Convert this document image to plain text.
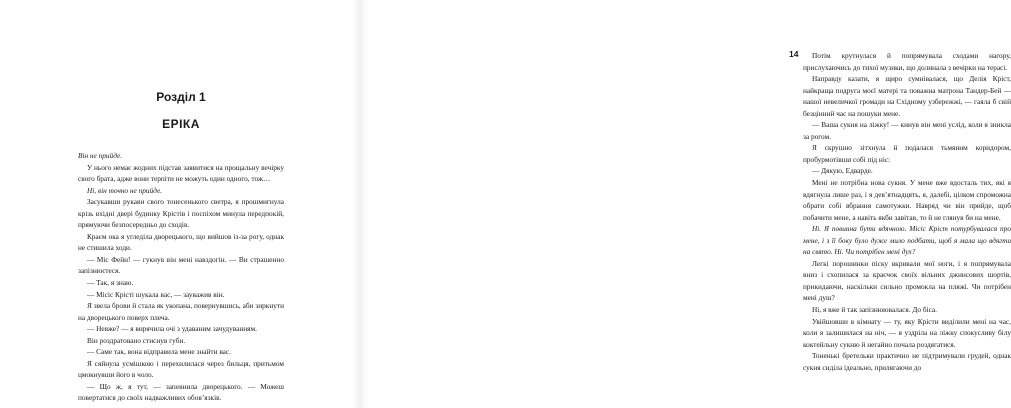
Розділ 1
ЕРІКА

Він не прийде.

У нього немає жодних підстав заявитися на прощальну вечірку свого брата, адже вони терпіти не можуть один одного, тож…

Ні, він точно не прийде.

Засукавши рукави свого тонесенького светра, я прошмигнула крізь вхідні двері будинку Крістів і поспіхом минула передпокій, прямуючи безпосередньо до сходів.

Краєм ока я угледіла дворецького, що вийшов із-за рогу, однак не стишила ходи.

— Міс Фейн! — гукнув він мені навздогін. — Ви страшенно запізнюєтеся.

— Так, я знаю.

— Місіс Крісті шукала вас, — зауважив він.

Я звела брови й стала як укопана, повернувшись, аби зиркнути на дворецького поверх плеча.

— Невже? — я вирячила очі з удаваним зачудуванням.

Він роздратовано стиснув губи.

— Саме так, вона відправила мене знайти вас.

Я сяйнула усмішкою і перехилилася через бильця, притьмом цмокнувши його в чоло.

— Що ж, я тут, — запевнила дворецького. — Можеш повертатися до своїх надважливих обов’язків.

14	Потім крутнулася й попрямувала сходами нагору, прислухаючись до тихої музики, що долинала з вечірки на терасі.

Направду казати, я щиро сумнівалася, що Делія Кріст, найкраща подруга моєї матері та поважна матрона Тандер-Бей — нашої невеличкої громади на Східному узбережжі, — гаяла б свій безцінний час на пошуки мене.

— Ваша сукня на ліжку! — кинув він мені услід, коли я зникла за рогом.

Я скрушно зітхнула й подалася тьмяним коридором, пробурмотівши собі під ніс:

— Дякую, Едварде.

Мені не потрібна нова сукня. У мене вже вдосталь тих, які я вдягнула лише раз, і я дев’ятнадцять, я, далебі, цілком спроможна обрати собі вбрання самотужки. Навряд чи він прийде, щоб побачити мене, а навіть якби завітав, то й не глянув би на мене.

Ні. Я повинна бути вдячною. Місіс Кріст потурбувалася про мене, і з її боку було дуже мило подбати, щоб я мала що вдягти на свято. Ні. Чи потрібен мені дух?

Легкі порошинки піску вкривали мої ноги, і я попрямувала вниз і схопилася за краєчок своїх вільних джинсових шортів, прикидаючи, наскільки сильно промокла на пляжі. Чи потрібен мені душ?

Ні, я вже й так запізнюювалася. До біса.

Увійшовши в кімнату — ту, яку Крісти виділили мені на час, коли я залишилася на ніч, — я уздріла на ліжку спокусливу білу коктейльну сукню й негайно почала роздягатися.

Тоненькі бретельки практично не підтримували грудей, однак сукня сиділа ідеально, прилягаючи до
